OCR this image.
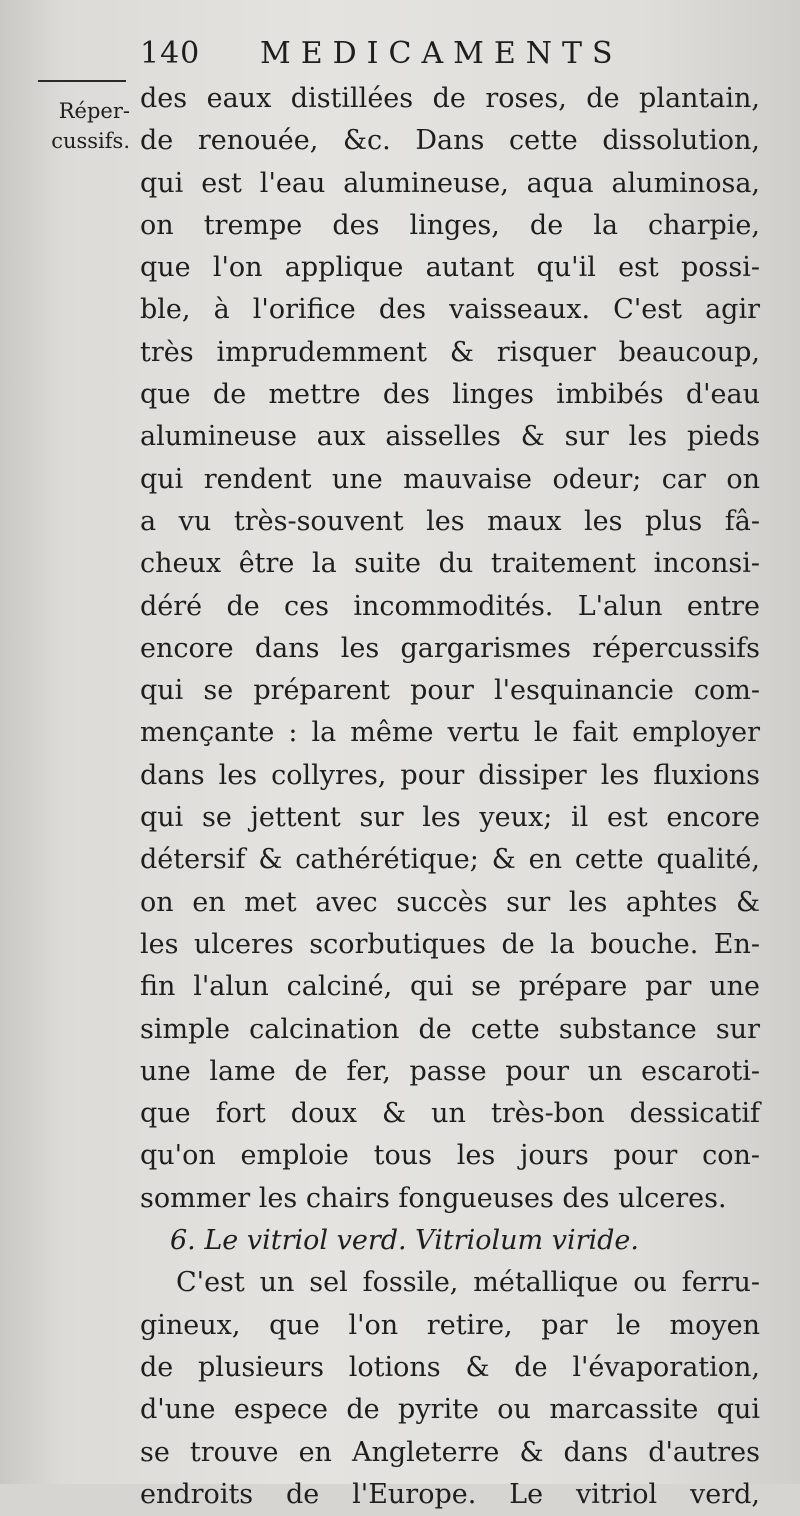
140 MEDICAMENTS
Réper-
cussifs.
des eaux distillées de roses, de plantain,
de renouée, &c. Dans cette dissolution,
qui est l'eau alumineuse, aqua aluminosa,
on trempe des linges, de la charpie,
que l'on applique autant qu'il est possi-
ble, à l'orifice des vaisseaux. C'est agir
très imprudemment & risquer beaucoup,
que de mettre des linges imbibés d'eau
alumineuse aux aisselles & sur les pieds
qui rendent une mauvaise odeur; car on
a vu très-souvent les maux les plus fâ-
cheux être la suite du traitement inconsi-
déré de ces incommodités. L'alun entre
encore dans les gargarismes répercussifs
qui se préparent pour l'esquinancie com-
mençante : la même vertu le fait employer
dans les collyres, pour dissiper les fluxions
qui se jettent sur les yeux; il est encore
détersif & cathérétique; & en cette qualité,
on en met avec succès sur les aphtes &
les ulceres scorbutiques de la bouche. En-
fin l'alun calciné, qui se prépare par une
simple calcination de cette substance sur
une lame de fer, passe pour un escaroti-
que fort doux & un très-bon dessicatif
qu'on emploie tous les jours pour con-
sommer les chairs fongueuses des ulceres.
6. Le vitriol verd. Vitriolum viride.
C'est un sel fossile, métallique ou ferru-
gineux, que l'on retire, par le moyen
de plusieurs lotions & de l'évaporation,
d'une espece de pyrite ou marcassite qui
se trouve en Angleterre & dans d'autres
endroits de l'Europe. Le vitriol verd,
